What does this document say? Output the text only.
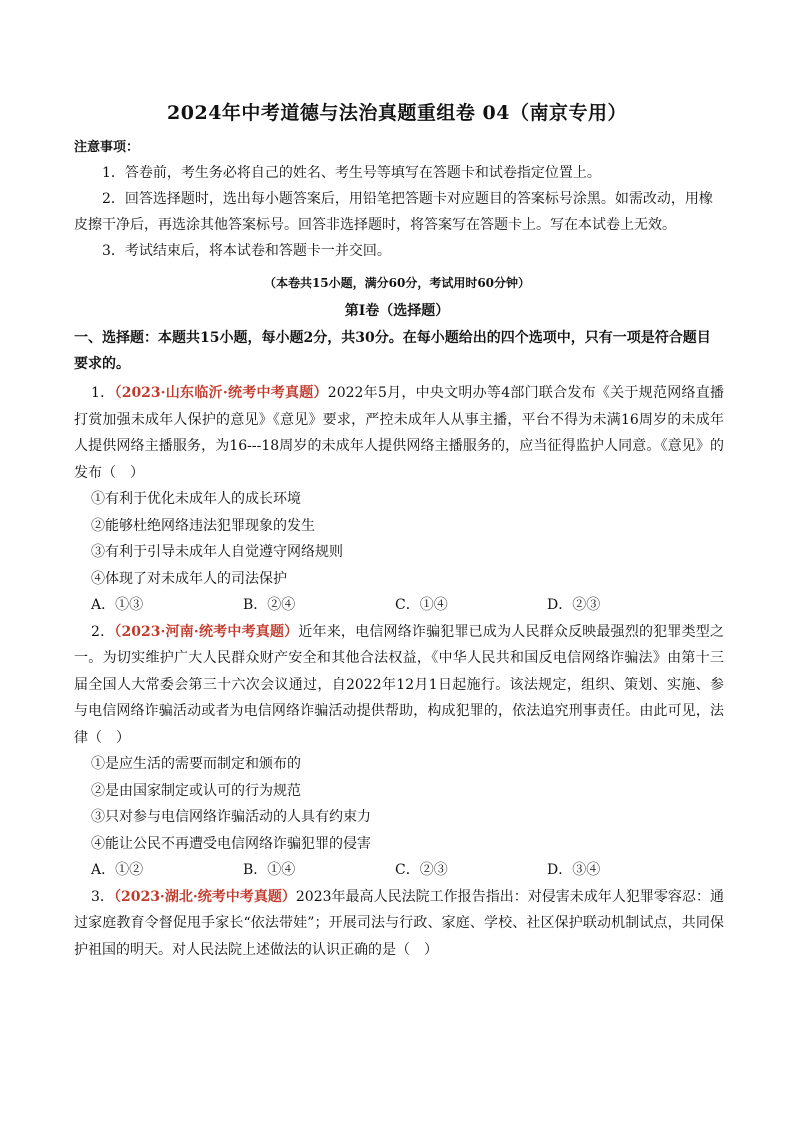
2024年中考道德与法治真题重组卷 04（南京专用）
注意事项：

1．答卷前，考生务必将自己的姓名、考生号等填写在答题卡和试卷指定位置上。

2．回答选择题时，选出每小题答案后，用铅笔把答题卡对应题目的答案标号涂黑。如需改动，用橡皮擦干净后，再选涂其他答案标号。回答非选择题时，将答案写在答题卡上。写在本试卷上无效。

3．考试结束后，将本试卷和答题卡一并交回。

（本卷共15小题，满分60分，考试用时60分钟）
第Ⅰ卷（选择题）
一、选择题：本题共15小题，每小题2分，共30分。在每小题给出的四个选项中，只有一项是符合题目要求的。

1．（2023·山东临沂·统考中考真题）2022年5月，中央文明办等4部门联合发布《关于规范网络直播打赏加强未成年人保护的意见》《意见》要求，严控未成年人从事主播，平台不得为未满16周岁的未成年人提供网络主播服务，为16---18周岁的未成年人提供网络主播服务的，应当征得监护人同意。《意见》的发布（　）

①有利于优化未成年人的成长环境

②能够杜绝网络违法犯罪现象的发生

③有利于引导未成年人自觉遵守网络规则

④体现了对未成年人的司法保护

A．①③	B．②④	C．①④	D．②③

2．（2023·河南·统考中考真题）近年来，电信网络诈骗犯罪已成为人民群众反映最强烈的犯罪类型之一。为切实维护广大人民群众财产安全和其他合法权益，《中华人民共和国反电信网络诈骗法》由第十三届全国人大常委会第三十六次会议通过，自2022年12月1日起施行。该法规定，组织、策划、实施、参与电信网络诈骗活动或者为电信网络诈骗活动提供帮助，构成犯罪的，依法追究刑事责任。由此可见，法律（　）

①是应生活的需要而制定和颁布的

②是由国家制定或认可的行为规范

③只对参与电信网络诈骗活动的人具有约束力

④能让公民不再遭受电信网络诈骗犯罪的侵害

A．①②	B．①④	C．②③	D．③④

3．（2023·湖北·统考中考真题）2023年最高人民法院工作报告指出：对侵害未成年人犯罪零容忍：通过家庭教育令督促甩手家长“依法带娃”；开展司法与行政、家庭、学校、社区保护联动机制试点，共同保护祖国的明天。对人民法院上述做法的认识正确的是（　）
